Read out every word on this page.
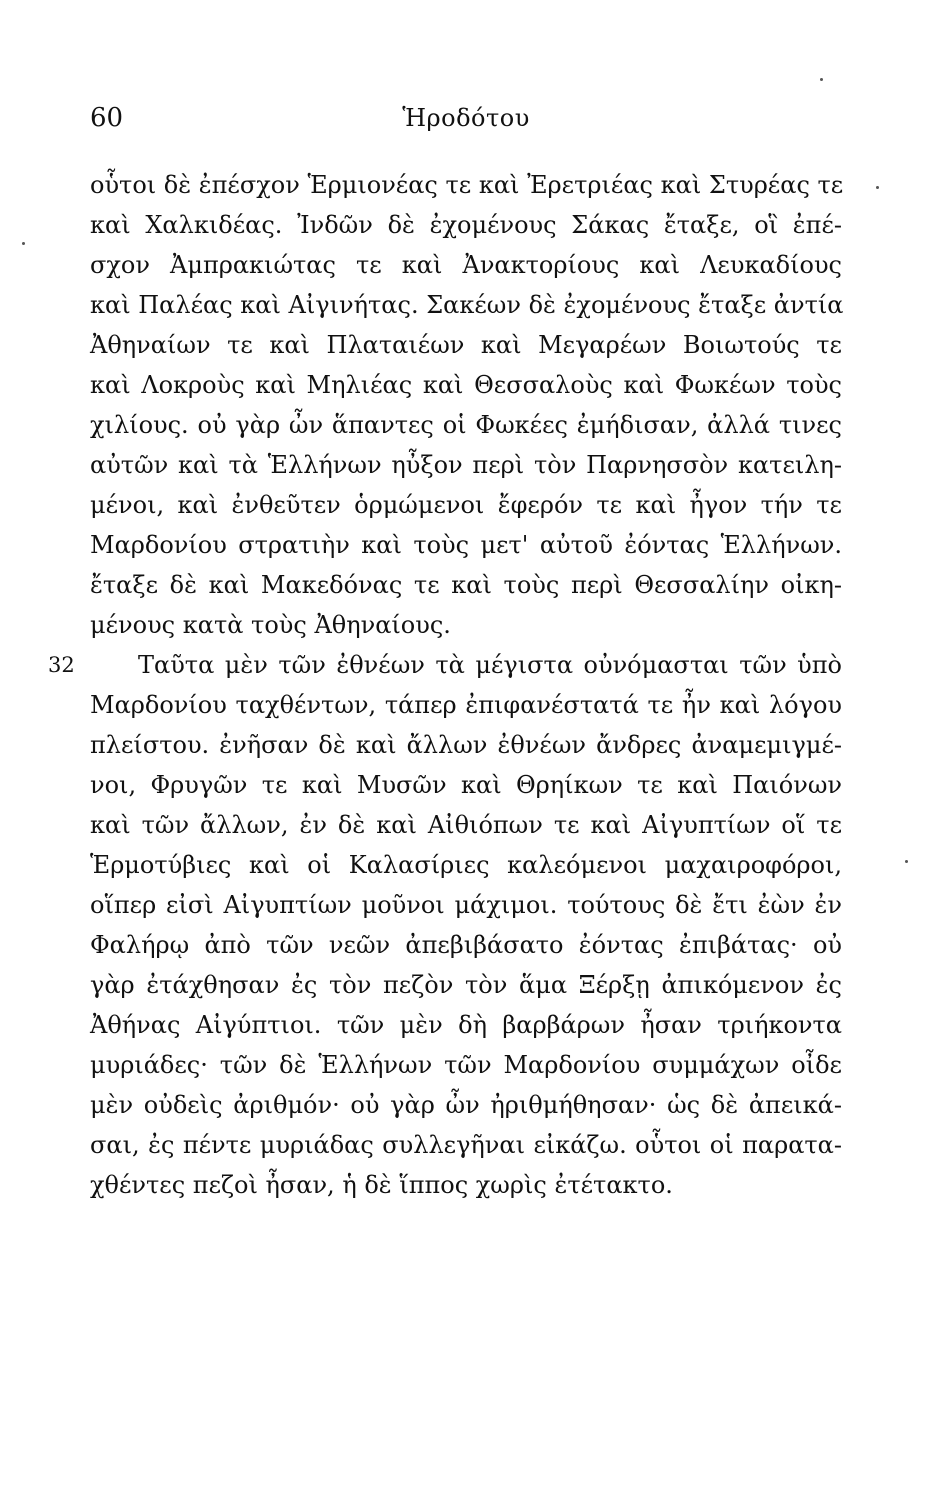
60	Ἡροδότου
οὗτοι δὲ ἐπέσχον Ἑρμιονέας τε καὶ Ἐρετριέας καὶ Στυρέας τε
καὶ Χαλκιδέας. Ἰνδῶν δὲ ἐχομένους Σάκας ἔταξε, οἳ ἐπέ-
σχον Ἀμπρακιώτας τε καὶ Ἀνακτορίους καὶ Λευκαδίους
καὶ Παλέας καὶ Αἰγινήτας. Σακέων δὲ ἐχομένους ἔταξε ἀντία
Ἀθηναίων τε καὶ Πλαταιέων καὶ Μεγαρέων Βοιωτούς τε
καὶ Λοκροὺς καὶ Μηλιέας καὶ Θεσσαλοὺς καὶ Φωκέων τοὺς
χιλίους. οὐ γὰρ ὦν ἅπαντες οἱ Φωκέες ἐμήδισαν, ἀλλά τινες
αὐτῶν καὶ τὰ Ἑλλήνων ηὖξον περὶ τὸν Παρνησσὸν κατειλη-
μένοι, καὶ ἐνθεῦτεν ὁρμώμενοι ἔφερόν τε καὶ ἦγον τήν τε
Μαρδονίου στρατιὴν καὶ τοὺς μετ' αὐτοῦ ἐόντας Ἑλλήνων.
ἔταξε δὲ καὶ Μακεδόνας τε καὶ τοὺς περὶ Θεσσαλίην οἰκη-
μένους κατὰ τοὺς Ἀθηναίους.
32	Ταῦτα μὲν τῶν ἐθνέων τὰ μέγιστα οὐνόμασται τῶν ὑπὸ
Μαρδονίου ταχθέντων, τάπερ ἐπιφανέστατά τε ἦν καὶ λόγου
πλείστου. ἐνῆσαν δὲ καὶ ἄλλων ἐθνέων ἄνδρες ἀναμεμιγμέ-
νοι, Φρυγῶν τε καὶ Μυσῶν καὶ Θρηίκων τε καὶ Παιόνων
καὶ τῶν ἄλλων, ἐν δὲ καὶ Αἰθιόπων τε καὶ Αἰγυπτίων οἵ τε
Ἑρμοτύβιες καὶ οἱ Καλασίριες καλεόμενοι μαχαιροφόροι,
οἵπερ εἰσὶ Αἰγυπτίων μοῦνοι μάχιμοι. τούτους δὲ ἔτι ἐὼν ἐν
Φαλήρῳ ἀπὸ τῶν νεῶν ἀπεβιβάσατο ἐόντας ἐπιβάτας· οὐ
γὰρ ἐτάχθησαν ἐς τὸν πεζὸν τὸν ἅμα Ξέρξῃ ἀπικόμενον ἐς
Ἀθήνας Αἰγύπτιοι. τῶν μὲν δὴ βαρβάρων ἦσαν τριήκοντα
μυριάδες· τῶν δὲ Ἑλλήνων τῶν Μαρδονίου συμμάχων οἶδε
μὲν οὐδεὶς ἀριθμόν· οὐ γὰρ ὦν ἠριθμήθησαν· ὡς δὲ ἀπεικά-
σαι, ἐς πέντε μυριάδας συλλεγῆναι εἰκάζω. οὗτοι οἱ παρατα-
χθέντες πεζοὶ ἦσαν, ἡ δὲ ἵππος χωρὶς ἐτέτακτο.
